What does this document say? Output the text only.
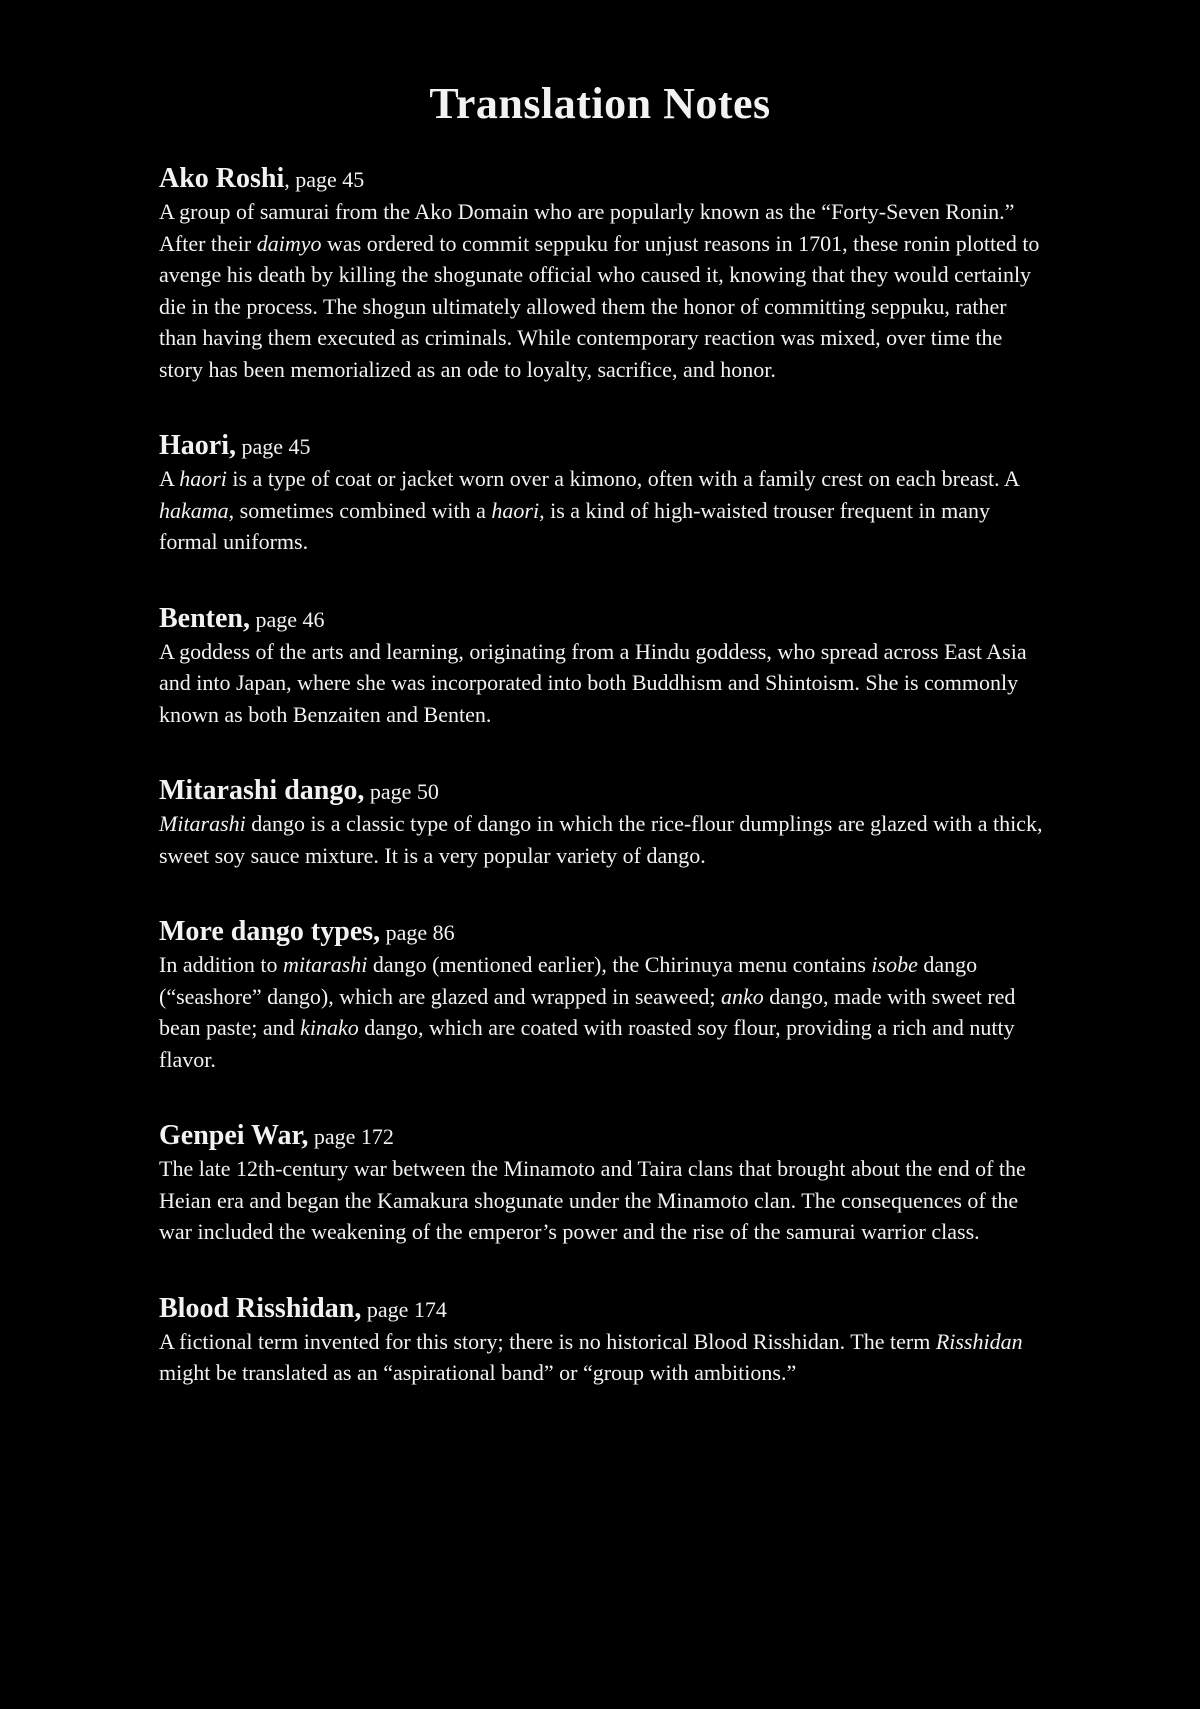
Translation Notes

Ako Roshi, page 45

A group of samurai from the Ako Domain who are popularly known as the “Forty-Seven Ronin.” After their daimyo was ordered to commit seppuku for unjust reasons in 1701, these ronin plotted to avenge his death by killing the shogunate official who caused it, knowing that they would certainly die in the process. The shogun ultimately allowed them the honor of committing seppuku, rather than having them executed as criminals. While contemporary reaction was mixed, over time the story has been memorialized as an ode to loyalty, sacrifice, and honor.

Haori, page 45

A haori is a type of coat or jacket worn over a kimono, often with a family crest on each breast. A hakama, sometimes combined with a haori, is a kind of high-waisted trouser frequent in many formal uniforms.

Benten, page 46

A goddess of the arts and learning, originating from a Hindu goddess, who spread across East Asia and into Japan, where she was incorporated into both Buddhism and Shintoism. She is commonly known as both Benzaiten and Benten.

Mitarashi dango, page 50

Mitarashi dango is a classic type of dango in which the rice-flour dumplings are glazed with a thick, sweet soy sauce mixture. It is a very popular variety of dango.

More dango types, page 86

In addition to mitarashi dango (mentioned earlier), the Chirinuya menu contains isobe dango (“seashore” dango), which are glazed and wrapped in seaweed; anko dango, made with sweet red bean paste; and kinako dango, which are coated with roasted soy flour, providing a rich and nutty flavor.

Genpei War, page 172

The late 12th-century war between the Minamoto and Taira clans that brought about the end of the Heian era and began the Kamakura shogunate under the Minamoto clan. The consequences of the war included the weakening of the emperor’s power and the rise of the samurai warrior class.

Blood Risshidan, page 174

A fictional term invented for this story; there is no historical Blood Risshidan. The term Risshidan might be translated as an “aspirational band” or “group with ambitions.”
